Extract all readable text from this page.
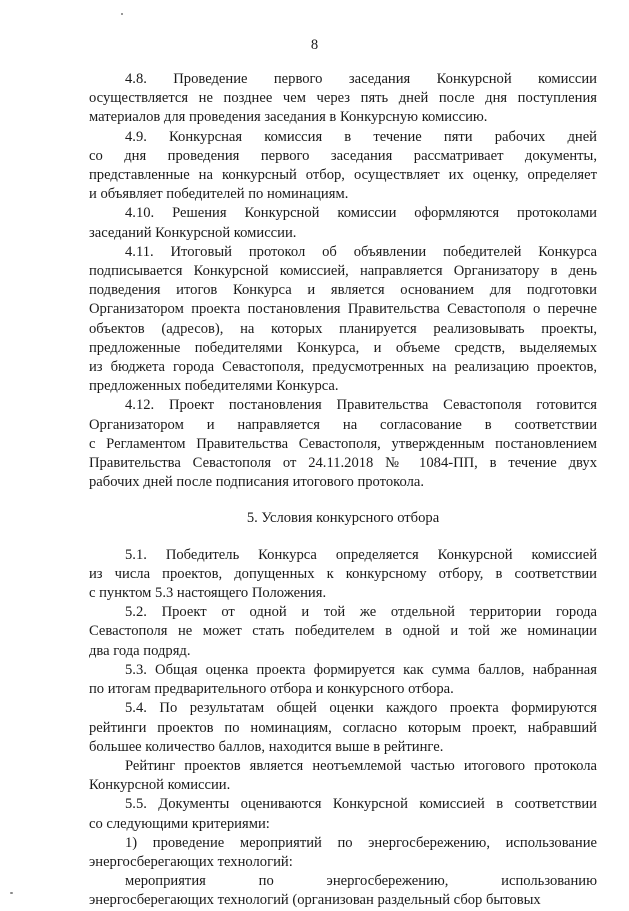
8
4.8. Проведение первого заседания Конкурсной комиссии
осуществляется не позднее чем через пять дней после дня поступления
материалов для проведения заседания в Конкурсную комиссию.
4.9. Конкурсная комиссия в течение пяти рабочих дней
со дня проведения первого заседания рассматривает документы,
представленные на конкурсный отбор, осуществляет их оценку, определяет
и объявляет победителей по номинациям.
4.10. Решения Конкурсной комиссии оформляются протоколами
заседаний Конкурсной комиссии.
4.11. Итоговый протокол об объявлении победителей Конкурса
подписывается Конкурсной комиссией, направляется Организатору в день
подведения итогов Конкурса и является основанием для подготовки
Организатором проекта постановления Правительства Севастополя о перечне
объектов (адресов), на которых планируется реализовывать проекты,
предложенные победителями Конкурса, и объеме средств, выделяемых
из бюджета города Севастополя, предусмотренных на реализацию проектов,
предложенных победителями Конкурса.
4.12. Проект постановления Правительства Севастополя готовится
Организатором и направляется на согласование в соответствии
с Регламентом Правительства Севастополя, утвержденным постановлением
Правительства Севастополя от 24.11.2018 № 1084-ПП, в течение двух
рабочих дней после подписания итогового протокола.
5. Условия конкурсного отбора
5.1. Победитель Конкурса определяется Конкурсной комиссией
из числа проектов, допущенных к конкурсному отбору, в соответствии
с пунктом 5.3 настоящего Положения.
5.2. Проект от одной и той же отдельной территории города
Севастополя не может стать победителем в одной и той же номинации
два года подряд.
5.3. Общая оценка проекта формируется как сумма баллов, набранная
по итогам предварительного отбора и конкурсного отбора.
5.4. По результатам общей оценки каждого проекта формируются
рейтинги проектов по номинациям, согласно которым проект, набравший
большее количество баллов, находится выше в рейтинге.
Рейтинг проектов является неотъемлемой частью итогового протокола
Конкурсной комиссии.
5.5. Документы оцениваются Конкурсной комиссией в соответствии
со следующими критериями:
1) проведение мероприятий по энергосбережению, использование
энергосберегающих технологий:
мероприятия по энергосбережению, использованию
энергосберегающих технологий (организован раздельный сбор бытовых
